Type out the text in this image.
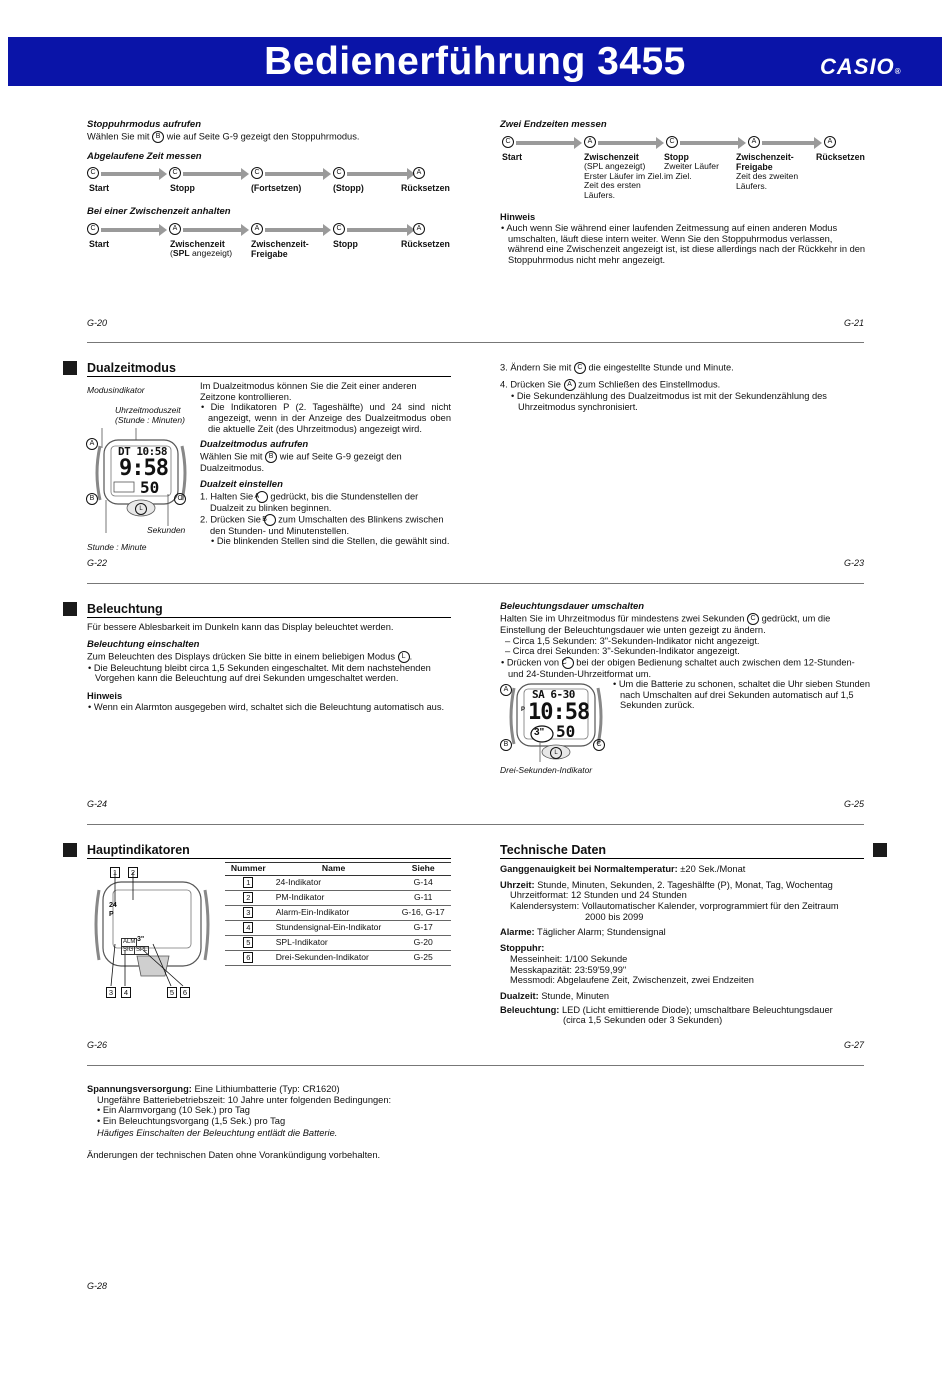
Bedienerführung 3455	CASIO®
Stoppuhrmodus aufrufen
Wählen Sie mit B wie auf Seite G-9 gezeigt den Stoppuhrmodus.
Abgelaufene Zeit messen
C	C	C	C	A
Start	Stopp	(Fortsetzen)	(Stopp)	Rücksetzen
Bei einer Zwischenzeit anhalten
C	A	A	C	A
Start	Zwischenzeit
(SPL angezeigt)
Zwischenzeit-
Freigabe
Stopp	Rücksetzen
G-20
Zwei Endzeiten messen
C	A	C	A	A
Start	Zwischenzeit
(SPL angezeigt)
Erster Läufer im Ziel.
Zeit des ersten
Läufers.
Stopp
Zweiter Läufer
im Ziel.
Zwischenzeit-
Freigabe
Zeit des zweiten
Läufers.
Rücksetzen
Hinweis
• Auch wenn Sie während einer laufenden Zeitmessung auf einen anderen Modus umschalten, läuft diese intern weiter. Wenn Sie den Stoppuhrmodus verlassen, während eine Zwischenzeit angezeigt ist, ist diese allerdings nach der Rückkehr in den Stoppuhrmodus nicht mehr angezeigt.
G-21
Dualzeitmodus
Modusindikator
Uhrzeitmoduszeit
(Stunde : Minuten)
DT 10:58
9:58
50
L
A
B	C
Sekunden
Stunde : Minute
Im Dualzeitmodus können Sie die Zeit einer anderen Zeitzone kontrollieren.
• Die Indikatoren P (2. Tageshälfte) und 24 sind nicht angezeigt, wenn in der Anzeige des Dualzeitmodus oben die aktuelle Zeit (des Uhrzeitmodus) angezeigt wird.
Dualzeitmodus aufrufen
Wählen Sie mit B wie auf Seite G-9 gezeigt den Dualzeitmodus.
Dualzeit einstellen
1. Halten Sie A gedrückt, bis die Stundenstellen der Dualzeit zu blinken beginnen.
2. Drücken Sie B zum Umschalten des Blinkens zwischen den Stunden- und Minutenstellen.
• Die blinkenden Stellen sind die Stellen, die gewählt sind.
G-22
3. Ändern Sie mit C die eingestellte Stunde und Minute.
4. Drücken Sie A zum Schließen des Einstellmodus.
• Die Sekundenzählung des Dualzeitmodus ist mit der Sekundenzählung des Uhrzeitmodus synchronisiert.
G-23
Beleuchtung
Für bessere Ablesbarkeit im Dunkeln kann das Display beleuchtet werden.
Beleuchtung einschalten
Zum Beleuchten des Displays drücken Sie bitte in einem beliebigen Modus L .
• Die Beleuchtung bleibt circa 1,5 Sekunden eingeschaltet. Mit dem nachstehenden Vorgehen kann die Beleuchtung auf drei Sekunden umgeschaltet werden.
Hinweis
• Wenn ein Alarmton ausgegeben wird, schaltet sich die Beleuchtung automatisch aus.
G-24
Beleuchtungsdauer umschalten
Halten Sie im Uhrzeitmodus für mindestens zwei Sekunden C gedrückt, um die Einstellung der Beleuchtungsdauer wie unten gezeigt zu ändern.
– Circa 1,5 Sekunden: 3"-Sekunden-Indikator nicht angezeigt.
– Circa drei Sekunden: 3"-Sekunden-Indikator angezeigt.
• Drücken von C bei der obigen Bedienung schaltet auch zwischen dem 12-Stunden- und 24-Stunden-Uhrzeitformat um.
• Um die Batterie zu schonen, schaltet die Uhr sieben Stunden nach Umschalten auf drei Sekunden automatisch auf 1,5 Sekunden zurück.
SA 6-30
P 10:58
3" 50
L
A
B	C
Drei-Sekunden-Indikator
G-25
Hauptindikatoren
24
P
ALM 3"
SIG SPL
1	2
3	4	5	6
Nummer	Name	Siehe
1	24-Indikator	G-14
2	PM-Indikator	G-11
3	Alarm-Ein-Indikator	G-16, G-17
4	Stundensignal-Ein-Indikator	G-17
5	SPL-Indikator	G-20
6	Drei-Sekunden-Indikator	G-25
G-26
Technische Daten
Ganggenauigkeit bei Normaltemperatur: ±20 Sek./Monat
Uhrzeit: Stunde, Minuten, Sekunden, 2. Tageshälfte (P), Monat, Tag, Wochentag
Uhrzeitformat: 12 Stunden und 24 Stunden
Kalendersystem: Vollautomatischer Kalender, vorprogrammiert für den Zeitraum
2000 bis 2099
Alarme: Täglicher Alarm; Stundensignal
Stoppuhr:
Messeinheit: 1/100 Sekunde
Messkapazität: 23:59'59,99"
Messmodi: Abgelaufene Zeit, Zwischenzeit, zwei Endzeiten
Dualzeit: Stunde, Minuten
Beleuchtung: LED (Licht emittierende Diode); umschaltbare Beleuchtungsdauer
(circa 1,5 Sekunden oder 3 Sekunden)
G-27
Spannungsversorgung: Eine Lithiumbatterie (Typ: CR1620)
Ungefähre Batteriebetriebszeit: 10 Jahre unter folgenden Bedingungen:
• Ein Alarmvorgang (10 Sek.) pro Tag
• Ein Beleuchtungsvorgang (1,5 Sek.) pro Tag
Häufiges Einschalten der Beleuchtung entlädt die Batterie.
Änderungen der technischen Daten ohne Vorankündigung vorbehalten.
G-28
